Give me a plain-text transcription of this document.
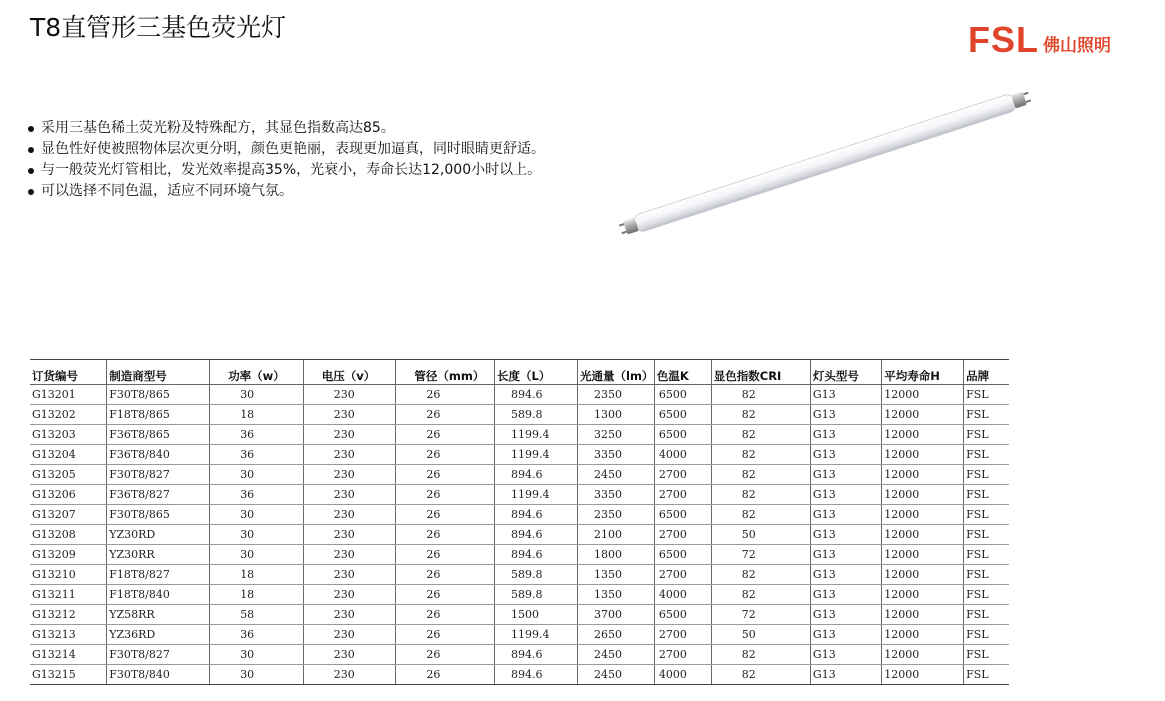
T8直管形三基色荧光灯	FSL 佛山照明
采用三基色稀土荧光粉及特殊配方，其显色指数高达85。
显色性好使被照物体层次更分明，颜色更艳丽，表现更加逼真，同时眼睛更舒适。
与一般荧光灯管相比，发光效率提高35%，光衰小，寿命长达12,000小时以上。
可以选择不同色温，适应不同环境气氛。
订货编号	制造商型号	功率（w）	电压（v）	管径（mm）	长度（L）	光通量（lm）	色温K	显色指数CRI	灯头型号	平均寿命H	品牌
G13201	F30T8/865	30	230	26	894.6	2350	6500	82	G13	12000	FSL
G13202	F18T8/865	18	230	26	589.8	1300	6500	82	G13	12000	FSL
G13203	F36T8/865	36	230	26	1199.4	3250	6500	82	G13	12000	FSL
G13204	F36T8/840	36	230	26	1199.4	3350	4000	82	G13	12000	FSL
G13205	F30T8/827	30	230	26	894.6	2450	2700	82	G13	12000	FSL
G13206	F36T8/827	36	230	26	1199.4	3350	2700	82	G13	12000	FSL
G13207	F30T8/865	30	230	26	894.6	2350	6500	82	G13	12000	FSL
G13208	YZ30RD	30	230	26	894.6	2100	2700	50	G13	12000	FSL
G13209	YZ30RR	30	230	26	894.6	1800	6500	72	G13	12000	FSL
G13210	F18T8/827	18	230	26	589.8	1350	2700	82	G13	12000	FSL
G13211	F18T8/840	18	230	26	589.8	1350	4000	82	G13	12000	FSL
G13212	YZ58RR	58	230	26	1500	3700	6500	72	G13	12000	FSL
G13213	YZ36RD	36	230	26	1199.4	2650	2700	50	G13	12000	FSL
G13214	F30T8/827	30	230	26	894.6	2450	2700	82	G13	12000	FSL
G13215	F30T8/840	30	230	26	894.6	2450	4000	82	G13	12000	FSL
